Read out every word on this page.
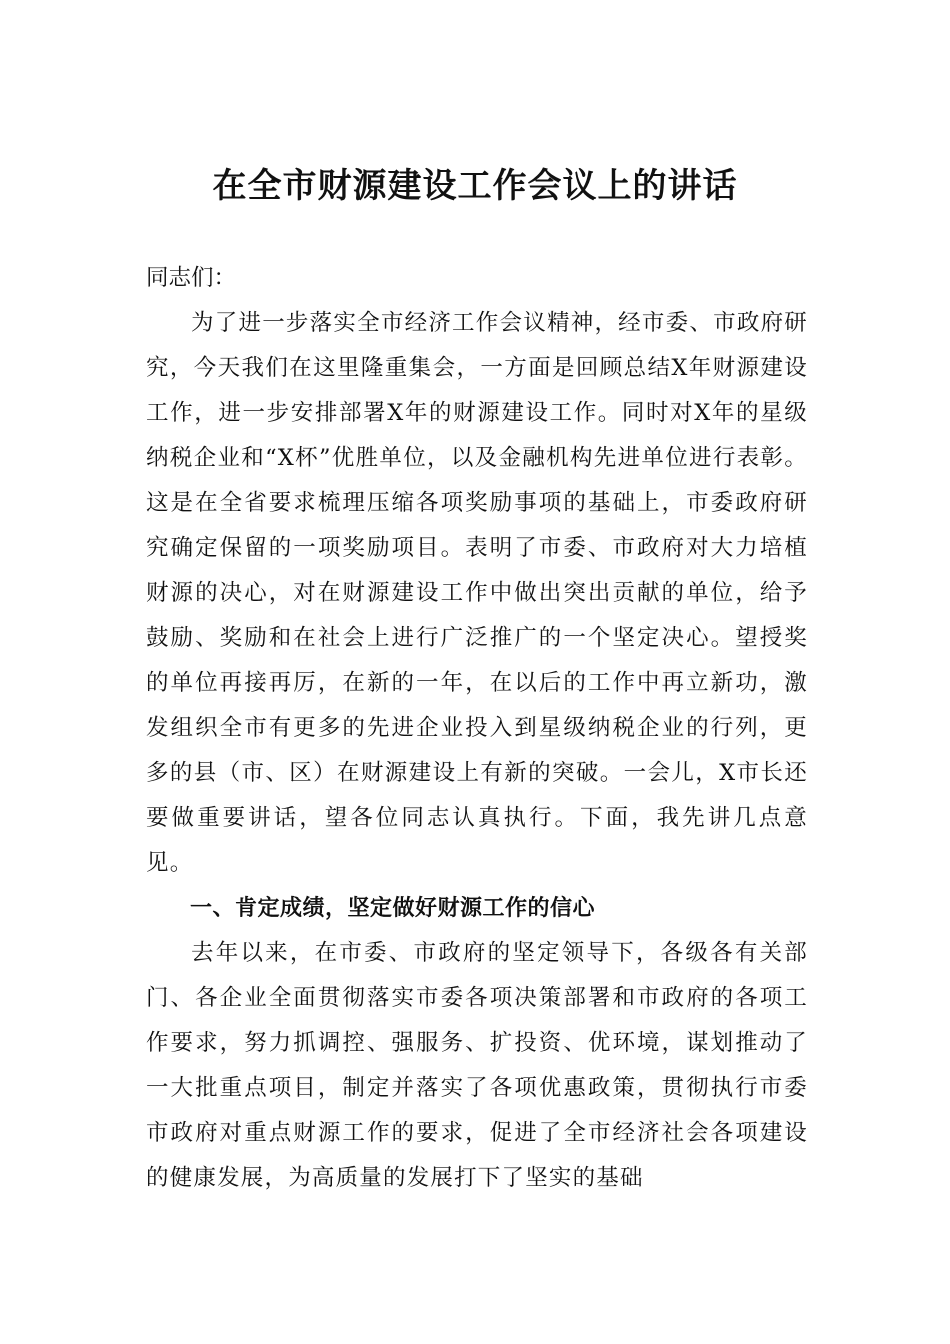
在全市财源建设工作会议上的讲话

同志们：

为了进一步落实全市经济工作会议精神，经市委、市政府研究，今天我们在这里隆重集会，一方面是回顾总结X年财源建设工作，进一步安排部署X年的财源建设工作。同时对X年的星级纳税企业和“X杯”优胜单位，以及金融机构先进单位进行表彰。这是在全省要求梳理压缩各项奖励事项的基础上，市委政府研究确定保留的一项奖励项目。表明了市委、市政府对大力培植财源的决心，对在财源建设工作中做出突出贡献的单位，给予鼓励、奖励和在社会上进行广泛推广的一个坚定决心。望授奖的单位再接再厉，在新的一年，在以后的工作中再立新功，激发组织全市有更多的先进企业投入到星级纳税企业的行列，更多的县（市、区）在财源建设上有新的突破。一会儿，X市长还要做重要讲话，望各位同志认真执行。下面，我先讲几点意见。

一、肯定成绩，坚定做好财源工作的信心

去年以来，在市委、市政府的坚定领导下，各级各有关部门、各企业全面贯彻落实市委各项决策部署和市政府的各项工作要求，努力抓调控、强服务、扩投资、优环境，谋划推动了一大批重点项目，制定并落实了各项优惠政策，贯彻执行市委市政府对重点财源工作的要求，促进了全市经济社会各项建设的健康发展，为高质量的发展打下了坚实的基础
